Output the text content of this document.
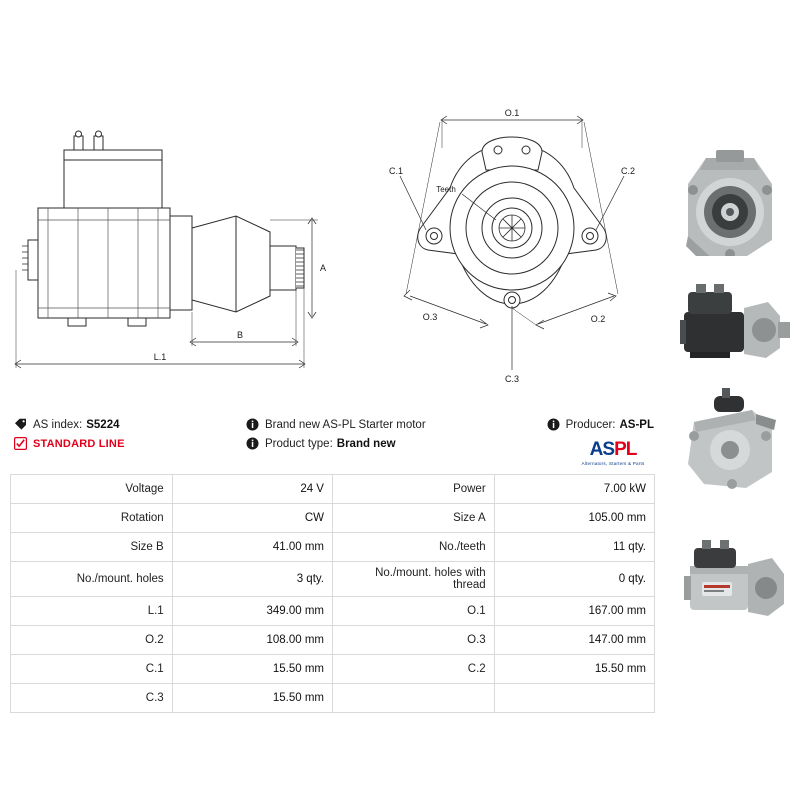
A
B
L.1
O.1
O.2
O.3
C.1	C.2
C.3
Teeth
AS index: S5224	Brand new AS-PL Starter motor	Producer: AS-PL
STANDARD LINE	Product type: Brand new	ASPL
Alternators, Starters & Parts
Voltage	24 V	Power	7.00 kW
Rotation	CW	Size A	105.00 mm
Size B	41.00 mm	No./teeth	11 qty.
No./mount. holes	3 qty.	No./mount. holes with thread	0 qty.
L.1	349.00 mm	O.1	167.00 mm
O.2	108.00 mm	O.3	147.00 mm
C.1	15.50 mm	C.2	15.50 mm
C.3	15.50 mm		
